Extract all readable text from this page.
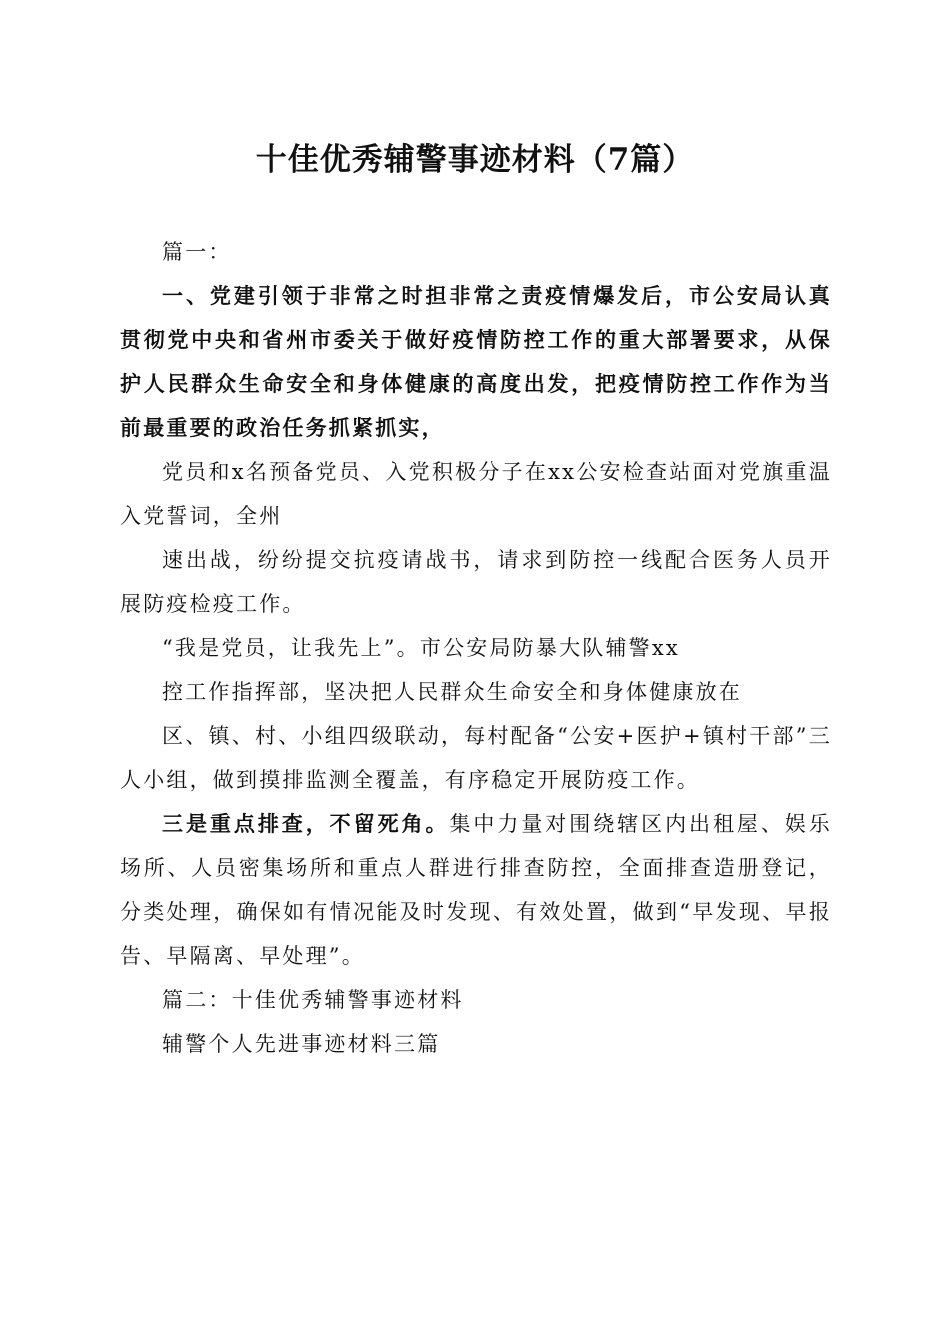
十佳优秀辅警事迹材料（7篇）

篇一：

一、党建引领于非常之时担非常之责疫情爆发后，市公安局认真贯彻党中央和省州市委关于做好疫情防控工作的重大部署要求，从保护人民群众生命安全和身体健康的高度出发，把疫情防控工作作为当前最重要的政治任务抓紧抓实，

党员和x名预备党员、入党积极分子在xx公安检查站面对党旗重温入党誓词，全州

速出战，纷纷提交抗疫请战书，请求到防控一线配合医务人员开展防疫检疫工作。

“我是党员，让我先上”。市公安局防暴大队辅警xx

控工作指挥部，坚决把人民群众生命安全和身体健康放在

区、镇、村、小组四级联动，每村配备“公安+医护+镇村干部”三人小组，做到摸排监测全覆盖，有序稳定开展防疫工作。

三是重点排查，不留死角。集中力量对围绕辖区内出租屋、娱乐场所、人员密集场所和重点人群进行排查防控，全面排查造册登记，分类处理，确保如有情况能及时发现、有效处置，做到“早发现、早报告、早隔离、早处理”。

篇二：十佳优秀辅警事迹材料

辅警个人先进事迹材料三篇
